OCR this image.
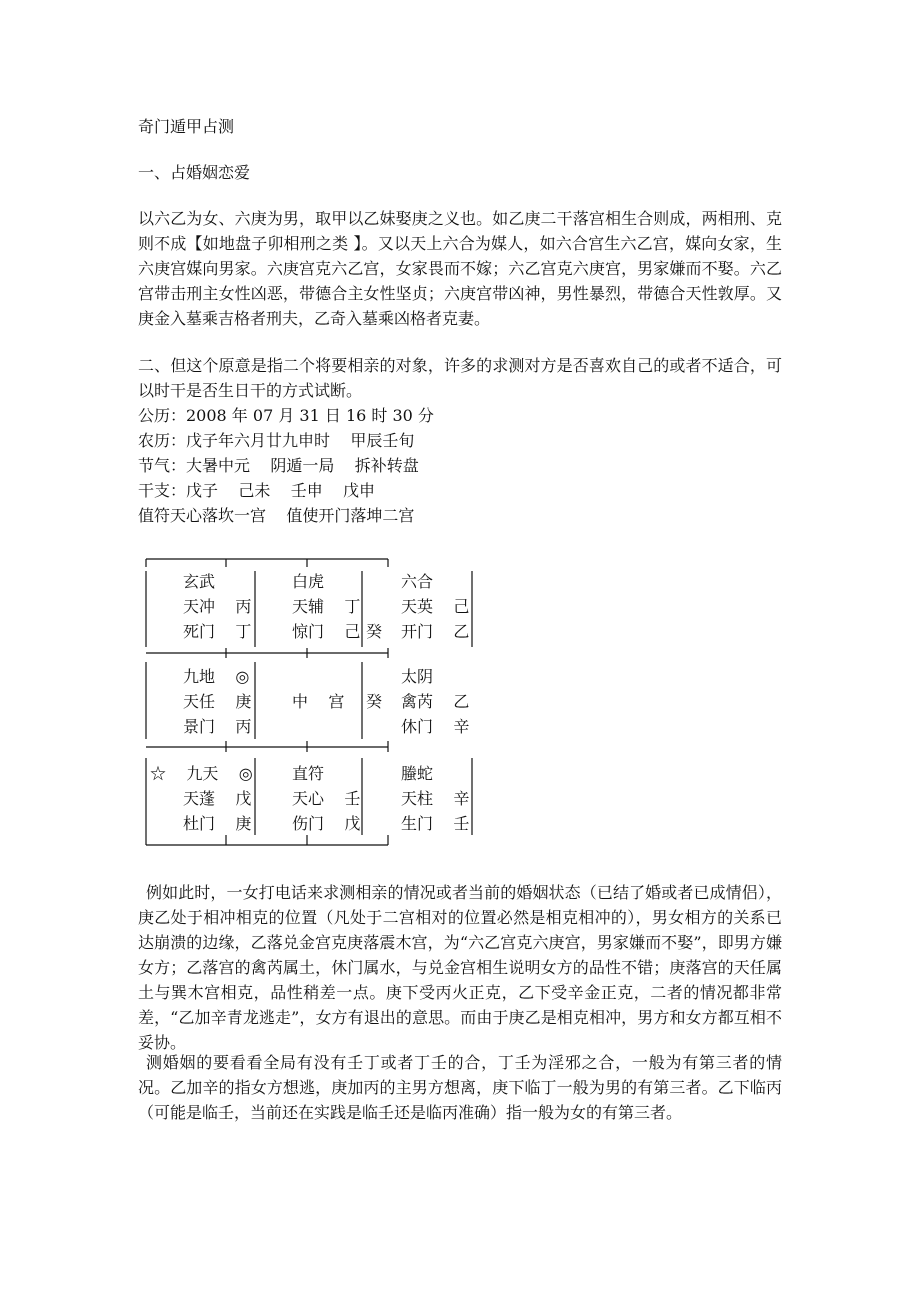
奇门遁甲占测
一、占婚姻恋爱
以六乙为女、六庚为男，取甲以乙妹娶庚之义也。如乙庚二干落宫相生合则成，两相刑、克则不成【如地盘子卯相刑之类 】。又以天上六合为媒人，如六合宫生六乙宫，媒向女家，生六庚宫媒向男家。六庚宫克六乙宫，女家畏而不嫁；六乙宫克六庚宫，男家嫌而不娶。六乙宫带击刑主女性凶恶，带德合主女性坚贞；六庚宫带凶神，男性暴烈，带德合天性敦厚。又庚金入墓乘吉格者刑夫，乙奇入墓乘凶格者克妻。
二、但这个原意是指二个将要相亲的对象，许多的求测对方是否喜欢自己的或者不适合，可以时干是否生日干的方式试断。
公历：2008 年 07 月 31 日 16 时 30 分
农历：戊子年六月廿九申时    甲辰壬旬
节气：大暑中元    阴遁一局    拆补转盘
干支：戊子    己未    壬申    戊申
值符天心落坎一宫    值使开门落坤二宫
玄武
天冲    丙
死门    丁
白虎
天辅    丁
惊门    己 癸
六合
天英    己
开门    乙
九地    ◎
天任    庚
景门    丙
中    宫 癸
太阴
禽芮    乙
休门    辛
☆    九天    ◎
天蓬    戊
杜门    庚
直符
天心    壬
伤门    戊
螣蛇
天柱    辛
生门    壬
例如此时，一女打电话来求测相亲的情况或者当前的婚姻状态（已结了婚或者已成情侣），庚乙处于相冲相克的位置（凡处于二宫相对的位置必然是相克相冲的），男女相方的关系已达崩溃的边缘，乙落兑金宫克庚落震木宫，为“六乙宫克六庚宫，男家嫌而不娶”，即男方嫌女方；乙落宫的禽芮属土，休门属水，与兑金宫相生说明女方的品性不错；庚落宫的天任属土与巽木宫相克，品性稍差一点。庚下受丙火正克，乙下受辛金正克，二者的情况都非常差，“乙加辛青龙逃走”，女方有退出的意思。而由于庚乙是相克相冲，男方和女方都互相不妥协。
测婚姻的要看看全局有没有壬丁或者丁壬的合，丁壬为淫邪之合，一般为有第三者的情况。乙加辛的指女方想逃，庚加丙的主男方想离，庚下临丁一般为男的有第三者。乙下临丙（可能是临壬，当前还在实践是临壬还是临丙准确）指一般为女的有第三者。
